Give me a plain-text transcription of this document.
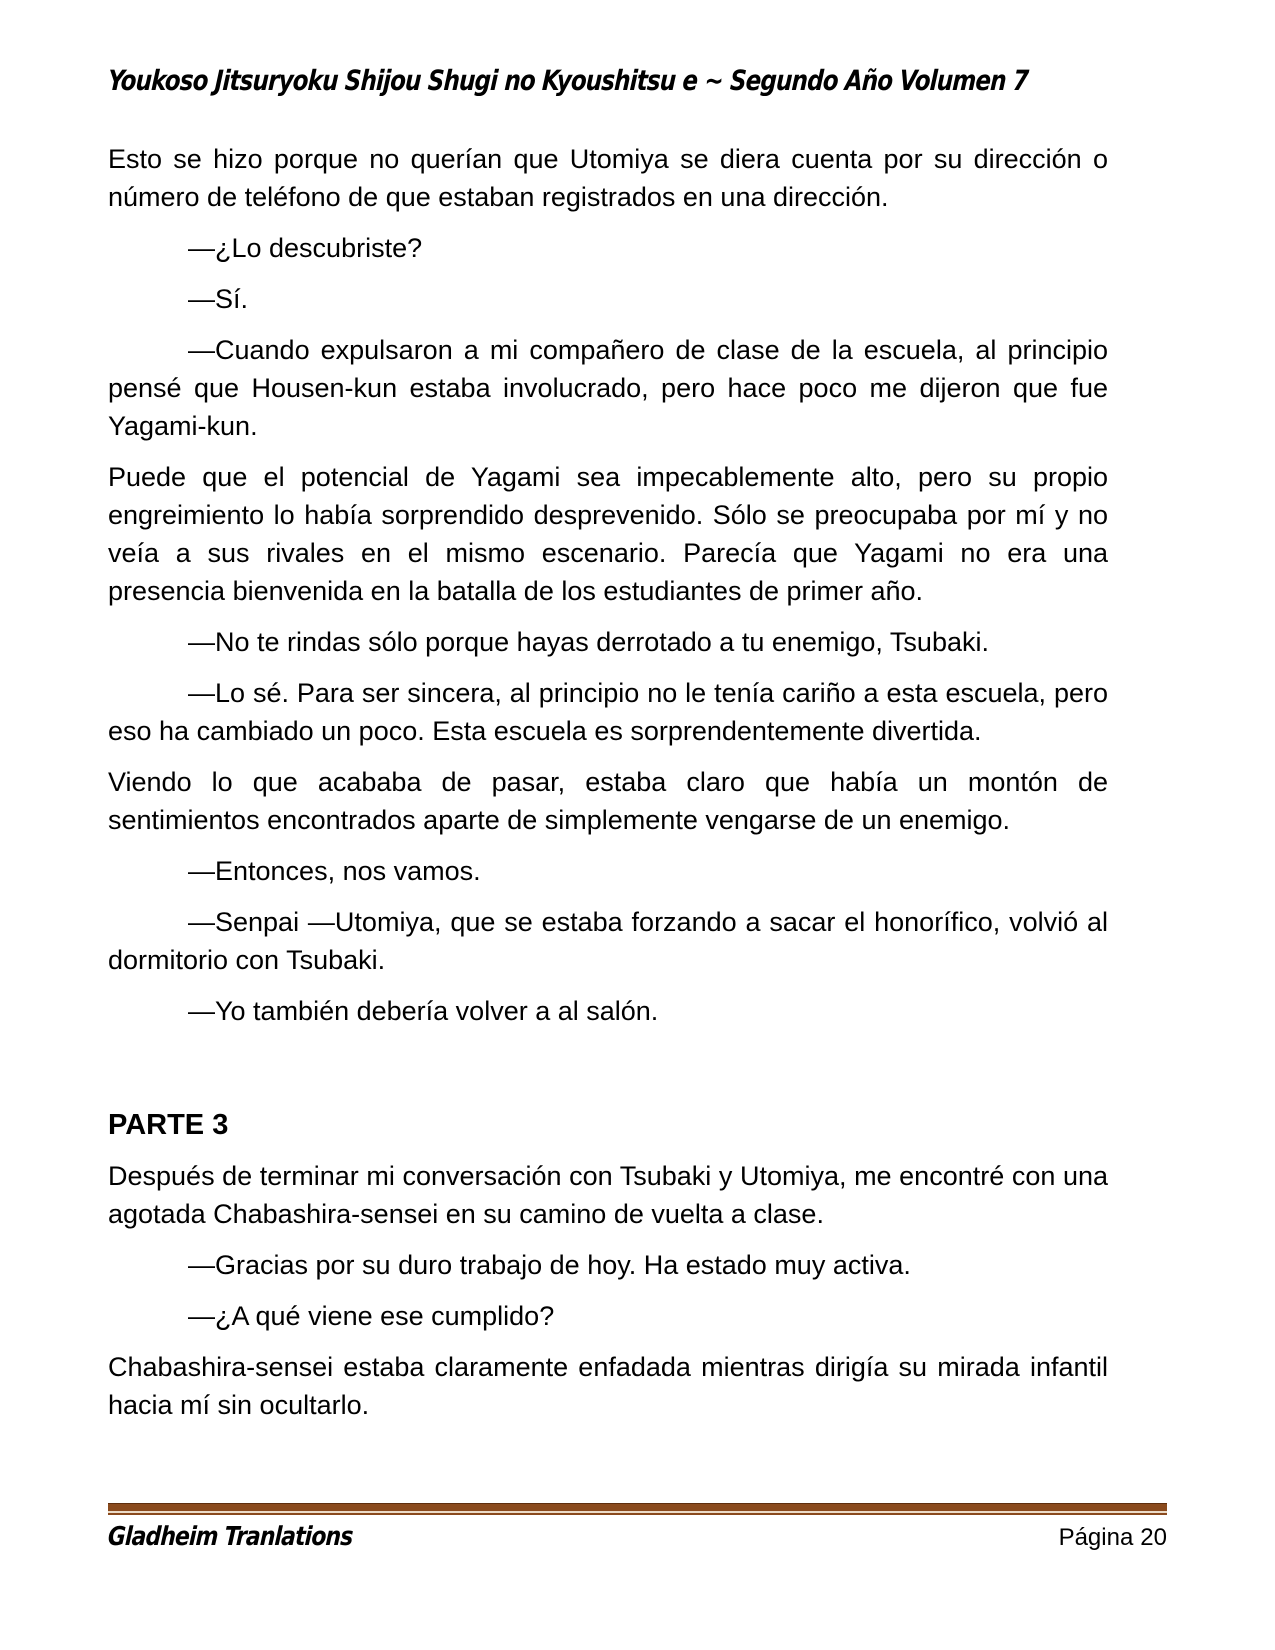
Youkoso Jitsuryoku Shijou Shugi no Kyoushitsu e ~ Segundo Año Volumen 7

Esto se hizo porque no querían que Utomiya se diera cuenta por su dirección o número de teléfono de que estaban registrados en una dirección.

—¿Lo descubriste?

—Sí.

—Cuando expulsaron a mi compañero de clase de la escuela, al principio pensé que Housen-kun estaba involucrado, pero hace poco me dijeron que fue Yagami-kun.

Puede que el potencial de Yagami sea impecablemente alto, pero su propio engreimiento lo había sorprendido desprevenido. Sólo se preocupaba por mí y no veía a sus rivales en el mismo escenario. Parecía que Yagami no era una presencia bienvenida en la batalla de los estudiantes de primer año.

—No te rindas sólo porque hayas derrotado a tu enemigo, Tsubaki.

—Lo sé. Para ser sincera, al principio no le tenía cariño a esta escuela, pero eso ha cambiado un poco. Esta escuela es sorprendentemente divertida.

Viendo lo que acababa de pasar, estaba claro que había un montón de sentimientos encontrados aparte de simplemente vengarse de un enemigo.

—Entonces, nos vamos.

—Senpai —Utomiya, que se estaba forzando a sacar el honorífico, volvió al dormitorio con Tsubaki.

—Yo también debería volver a al salón.

PARTE 3

Después de terminar mi conversación con Tsubaki y Utomiya, me encontré con una agotada Chabashira-sensei en su camino de vuelta a clase.

—Gracias por su duro trabajo de hoy. Ha estado muy activa.

—¿A qué viene ese cumplido?

Chabashira-sensei estaba claramente enfadada mientras dirigía su mirada infantil hacia mí sin ocultarlo.

Gladheim Tranlations	Página 20
